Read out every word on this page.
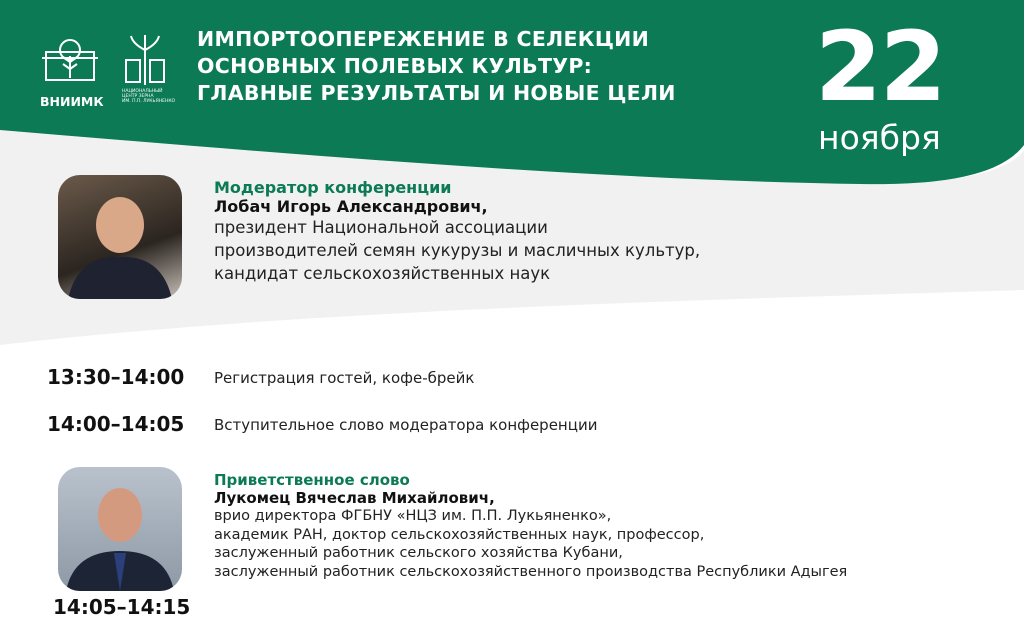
ВНИИМК
НАЦИОНАЛЬНЫЙ
ЦЕНТР ЗЕРНА
ИМ. П.П. ЛУКЬЯНЕНКО
ИМПОРТООПЕРЕЖЕНИЕ В СЕЛЕКЦИИ
ОСНОВНЫХ ПОЛЕВЫХ КУЛЬТУР:
ГЛАВНЫЕ РЕЗУЛЬТАТЫ И НОВЫЕ ЦЕЛИ 22
ноября
Модератор конференции
Лобач Игорь Александрович,
президент Национальной ассоциации
производителей семян кукурузы и масличных культур,
кандидат сельскохозяйственных наук
13:30–14:00 Регистрация гостей, кофе-брейк
14:00–14:05 Вступительное слово модератора конференции
14:05–14:15
Приветственное слово
Лукомец Вячеслав Михайлович,
врио директора ФГБНУ «НЦЗ им. П.П. Лукьяненко»,
академик РАН, доктор сельскохозяйственных наук, профессор,
заслуженный работник сельского хозяйства Кубани,
заслуженный работник сельскохозяйственного производства Республики Адыгея
